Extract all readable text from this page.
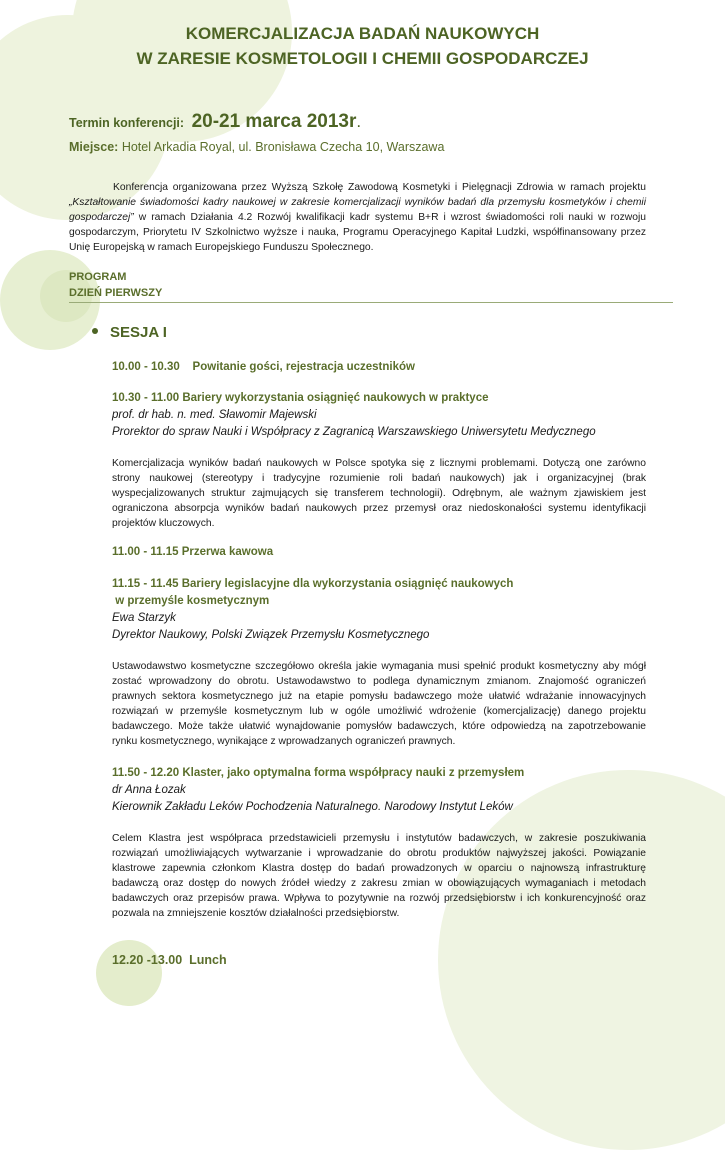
KOMERCJALIZACJA BADAŃ NAUKOWYCH
W ZARESIE KOSMETOLOGII I CHEMII GOSPODARCZEJ
Termin konferencji: 20-21 marca 2013r.
Miejsce: Hotel Arkadia Royal, ul. Bronisława Czecha 10, Warszawa
Konferencja organizowana przez Wyższą Szkołę Zawodową Kosmetyki i Pielęgnacji Zdrowia w ramach projektu „Kształtowanie świadomości kadry naukowej w zakresie komercjalizacji wyników badań dla przemysłu kosmetyków i chemii gospodarczej” w ramach Działania 4.2 Rozwój kwalifikacji kadr systemu B+R i wzrost świadomości roli nauki w rozwoju gospodarczym, Priorytetu IV Szkolnictwo wyższe i nauka, Programu Operacyjnego Kapitał Ludzki, współfinansowany przez Unię Europejską w ramach Europejskiego Funduszu Społecznego.
PROGRAM
DZIEŃ PIERWSZY
SESJA I
10.00 - 10.30    Powitanie gości, rejestracja uczestników
10.30 - 11.00 Bariery wykorzystania osiągnięć naukowych w praktyce
prof. dr hab. n. med. Sławomir Majewski
Prorektor do spraw Nauki i Współpracy z Zagranicą Warszawskiego Uniwersytetu Medycznego
Komercjalizacja wyników badań naukowych w Polsce spotyka się z licznymi problemami. Dotyczą one zarówno strony naukowej (stereotypy i tradycyjne rozumienie roli badań naukowych) jak i organizacyjnej (brak wyspecjalizowanych struktur zajmujących się transferem technologii). Odrębnym, ale ważnym zjawiskiem jest ograniczona absorpcja wyników badań naukowych przez przemysł oraz niedoskonałości systemu identyfikacji projektów kluczowych.
11.00 - 11.15 Przerwa kawowa
11.15 - 11.45 Bariery legislacyjne dla wykorzystania osiągnięć naukowych
w przemyśle kosmetycznym
Ewa Starzyk
Dyrektor Naukowy, Polski Związek Przemysłu Kosmetycznego
Ustawodawstwo kosmetyczne szczegółowo określa jakie wymagania musi spełnić produkt kosmetyczny aby mógł zostać wprowadzony do obrotu. Ustawodawstwo to podlega dynamicznym zmianom. Znajomość ograniczeń prawnych sektora kosmetycznego już na etapie pomysłu badawczego może ułatwić wdrażanie innowacyjnych rozwiązań w przemyśle kosmetycznym lub w ogóle umożliwić wdrożenie (komercjalizację) danego projektu badawczego. Może także ułatwić wynajdowanie pomysłów badawczych, które odpowiedzą na zapotrzebowanie rynku kosmetycznego, wynikające z wprowadzanych ograniczeń prawnych.
11.50 - 12.20 Klaster, jako optymalna forma współpracy nauki z przemysłem
dr Anna Łozak
Kierownik Zakładu Leków Pochodzenia Naturalnego. Narodowy Instytut Leków
Celem Klastra jest współpraca przedstawicieli przemysłu i instytutów badawczych, w zakresie poszukiwania rozwiązań umożliwiających wytwarzanie i wprowadzanie do obrotu produktów najwyższej jakości. Powiązanie klastrowe zapewnia członkom Klastra dostęp do badań prowadzonych w oparciu o najnowszą infrastrukturę badawczą oraz dostęp do nowych źródeł wiedzy z zakresu zmian w obowiązujących wymaganiach i metodach badawczych oraz przepisów prawa. Wpływa to pozytywnie na rozwój przedsiębiorstw i ich konkurencyjność oraz pozwala na zmniejszenie kosztów działalności przedsiębiorstw.
12.20 -13.00  Lunch
